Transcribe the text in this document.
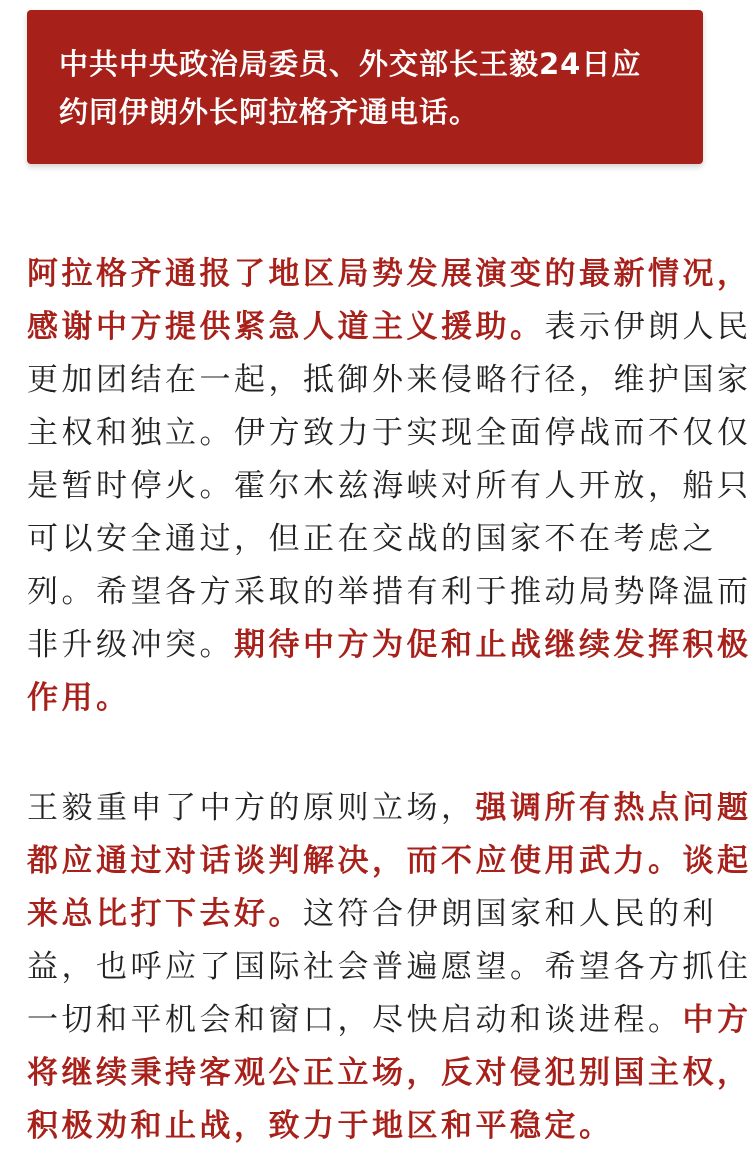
中共中央政治局委员、外交部长王毅24日应
约同伊朗外长阿拉格齐通电话。

阿拉格齐通报了地区局势发展演变的最新情况，
感谢中方提供紧急人道主义援助。表示伊朗人民
更加团结在一起，抵御外来侵略行径，维护国家
主权和独立。伊方致力于实现全面停战而不仅仅
是暂时停火。霍尔木兹海峡对所有人开放，船只
可以安全通过，但正在交战的国家不在考虑之
列。希望各方采取的举措有利于推动局势降温而
非升级冲突。期待中方为促和止战继续发挥积极
作用。

王毅重申了中方的原则立场，强调所有热点问题
都应通过对话谈判解决，而不应使用武力。谈起
来总比打下去好。这符合伊朗国家和人民的利
益，也呼应了国际社会普遍愿望。希望各方抓住
一切和平机会和窗口，尽快启动和谈进程。中方
将继续秉持客观公正立场，反对侵犯别国主权，
积极劝和止战，致力于地区和平稳定。
